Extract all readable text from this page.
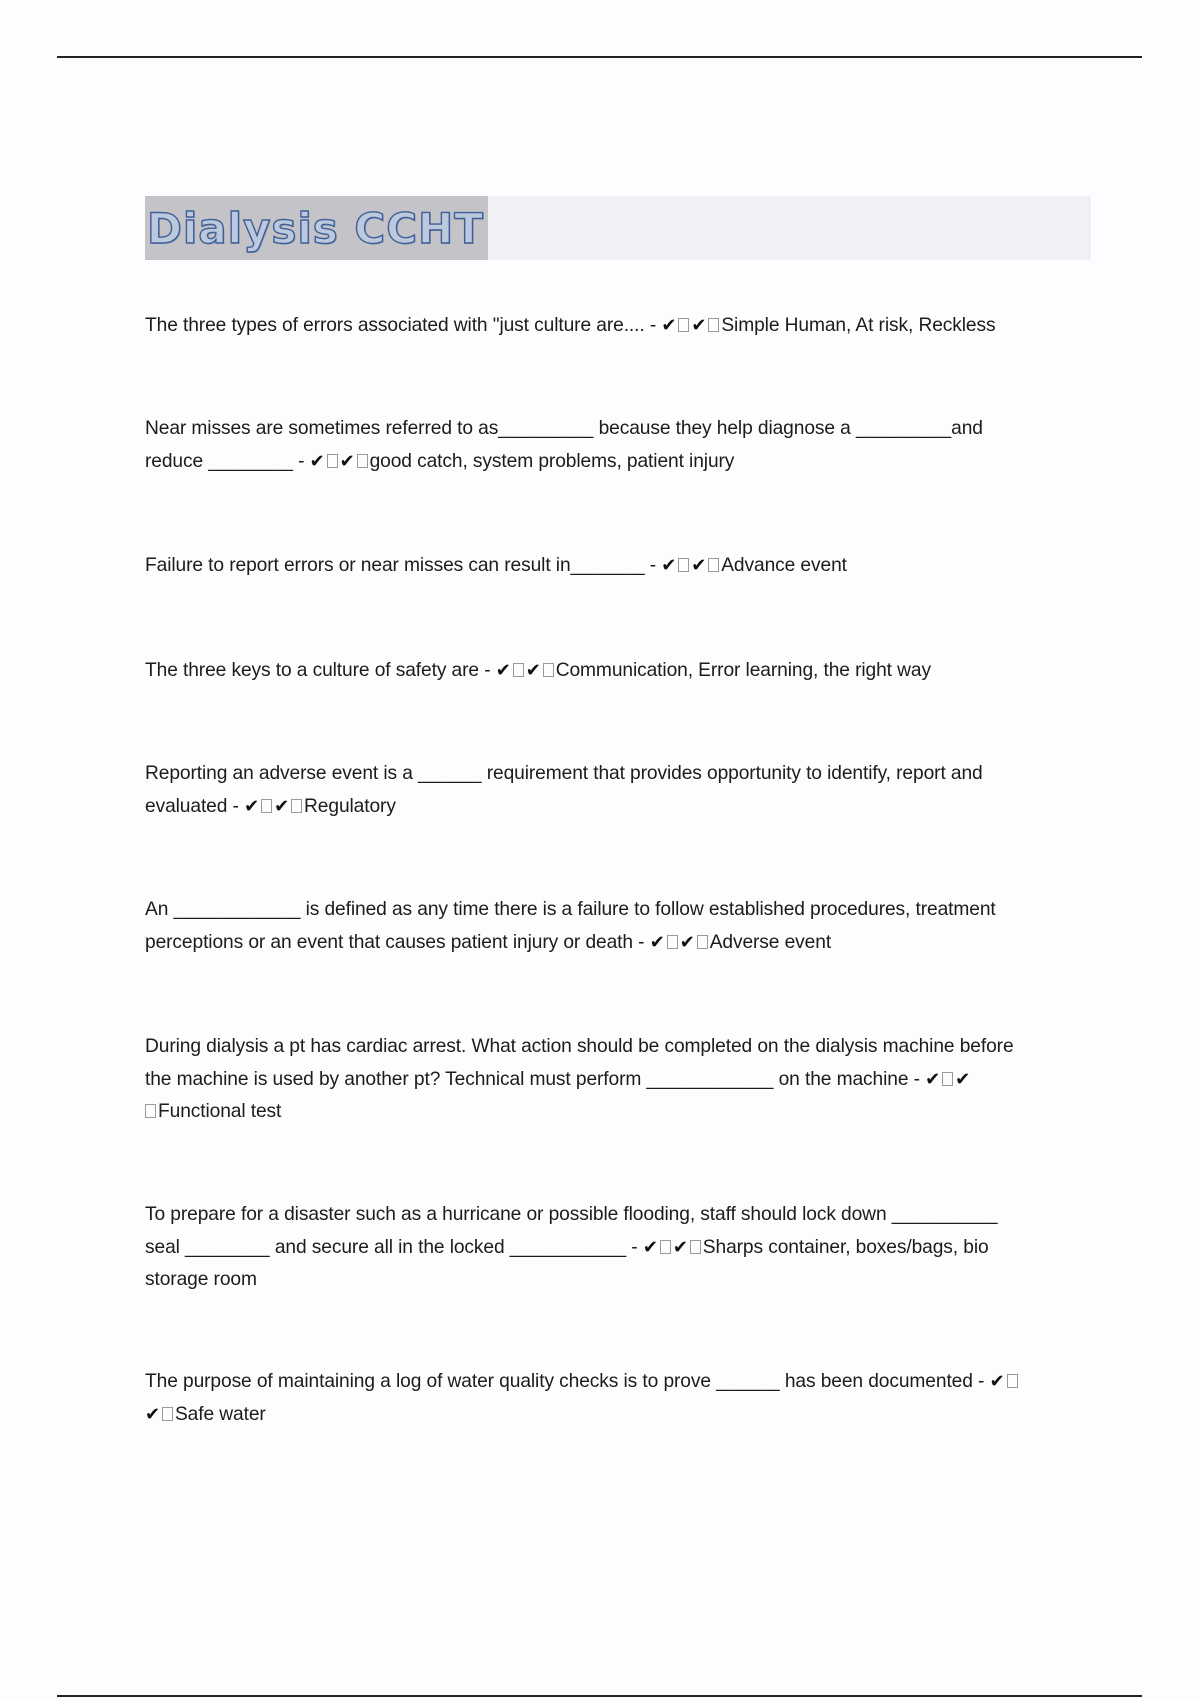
Dialysis CCHT
The three types of errors associated with "just culture are.... - ✔ ✔ Simple Human, At risk, Reckless
Near misses are sometimes referred to as_________ because they help diagnose a _________and
reduce ________ - ✔ ✔ good catch, system problems, patient injury
Failure to report errors or near misses can result in_______ - ✔ ✔ Advance event
The three keys to a culture of safety are - ✔ ✔ Communication, Error learning, the right way
Reporting an adverse event is a ______ requirement that provides opportunity to identify, report and
evaluated - ✔ ✔ Regulatory
An ____________ is defined as any time there is a failure to follow established procedures, treatment
perceptions or an event that causes patient injury or death - ✔ ✔ Adverse event
During dialysis a pt has cardiac arrest. What action should be completed on the dialysis machine before
the machine is used by another pt? Technical must perform ____________ on the machine - ✔ ✔
Functional test
To prepare for a disaster such as a hurricane or possible flooding, staff should lock down __________
seal ________ and secure all in the locked ___________ - ✔ ✔ Sharps container, boxes/bags, bio
storage room
The purpose of maintaining a log of water quality checks is to prove ______ has been documented - ✔
✔ Safe water
